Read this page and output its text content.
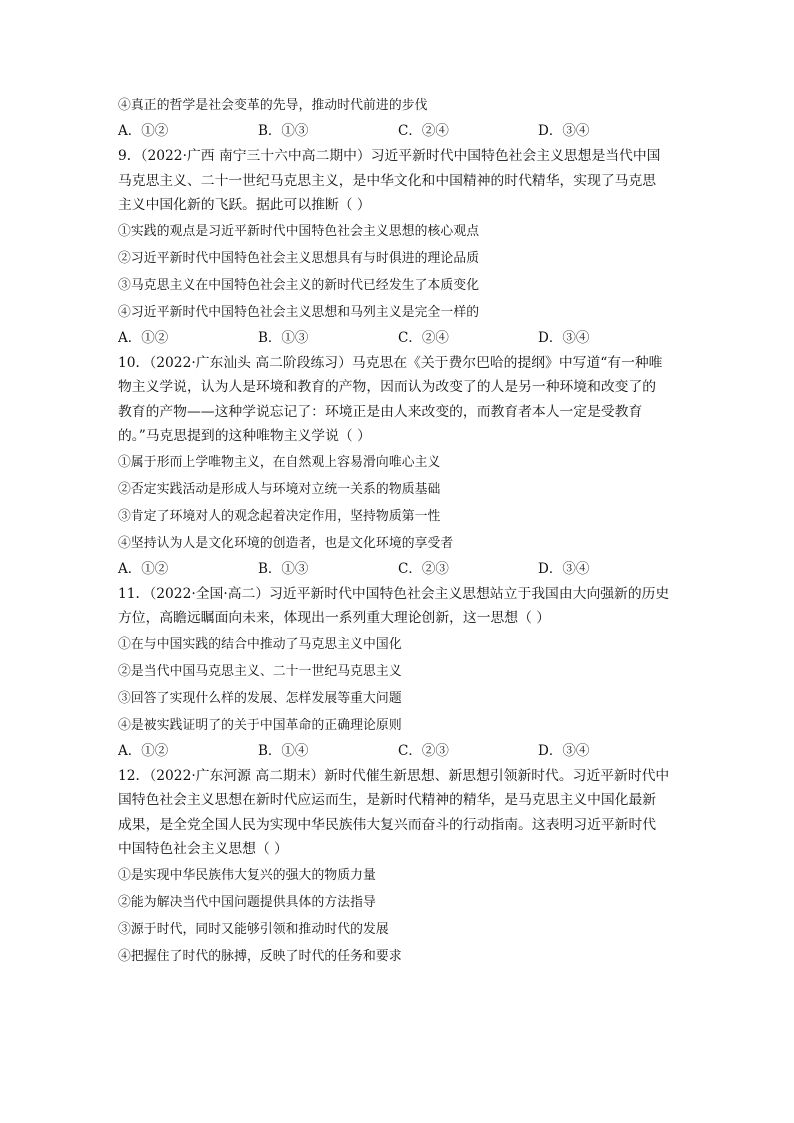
④真正的哲学是社会变革的先导，推动时代前进的步伐
A．①②	B．①③	C．②④	D．③④
9．（2022·广西 南宁三十六中高二期中）习近平新时代中国特色社会主义思想是当代中国
马克思主义、二十一世纪马克思主义，是中华文化和中国精神的时代精华，实现了马克思
主义中国化新的飞跃。据此可以推断（ ）
①实践的观点是习近平新时代中国特色社会主义思想的核心观点
②习近平新时代中国特色社会主义思想具有与时俱进的理论品质
③马克思主义在中国特色社会主义的新时代已经发生了本质变化
④习近平新时代中国特色社会主义思想和马列主义是完全一样的
A．①②	B．①③	C．②④	D．③④
10．（2022·广东汕头 高二阶段练习）马克思在《关于费尔巴哈的提纲》中写道“有一种唯
物主义学说，认为人是环境和教育的产物，因而认为改变了的人是另一种环境和改变了的
教育的产物——这种学说忘记了：环境正是由人来改变的，而教育者本人一定是受教育
的。”马克思提到的这种唯物主义学说（ ）
①属于形而上学唯物主义，在自然观上容易滑向唯心主义
②否定实践活动是形成人与环境对立统一关系的物质基础
③肯定了环境对人的观念起着决定作用，坚持物质第一性
④坚持认为人是文化环境的创造者，也是文化环境的享受者
A．①②	B．①③	C．②③	D．③④
11．（2022·全国·高二）习近平新时代中国特色社会主义思想站立于我国由大向强新的历史
方位，高瞻远瞩面向未来，体现出一系列重大理论创新，这一思想（ ）
①在与中国实践的结合中推动了马克思主义中国化
②是当代中国马克思主义、二十一世纪马克思主义
③回答了实现什么样的发展、怎样发展等重大问题
④是被实践证明了的关于中国革命的正确理论原则
A．①②	B．①④	C．②③	D．③④
12．（2022·广东河源 高二期末）新时代催生新思想、新思想引领新时代。习近平新时代中
国特色社会主义思想在新时代应运而生，是新时代精神的精华，是马克思主义中国化最新
成果，是全党全国人民为实现中华民族伟大复兴而奋斗的行动指南。这表明习近平新时代
中国特色社会主义思想（ ）
①是实现中华民族伟大复兴的强大的物质力量
②能为解决当代中国问题提供具体的方法指导
③源于时代，同时又能够引领和推动时代的发展
④把握住了时代的脉搏，反映了时代的任务和要求
